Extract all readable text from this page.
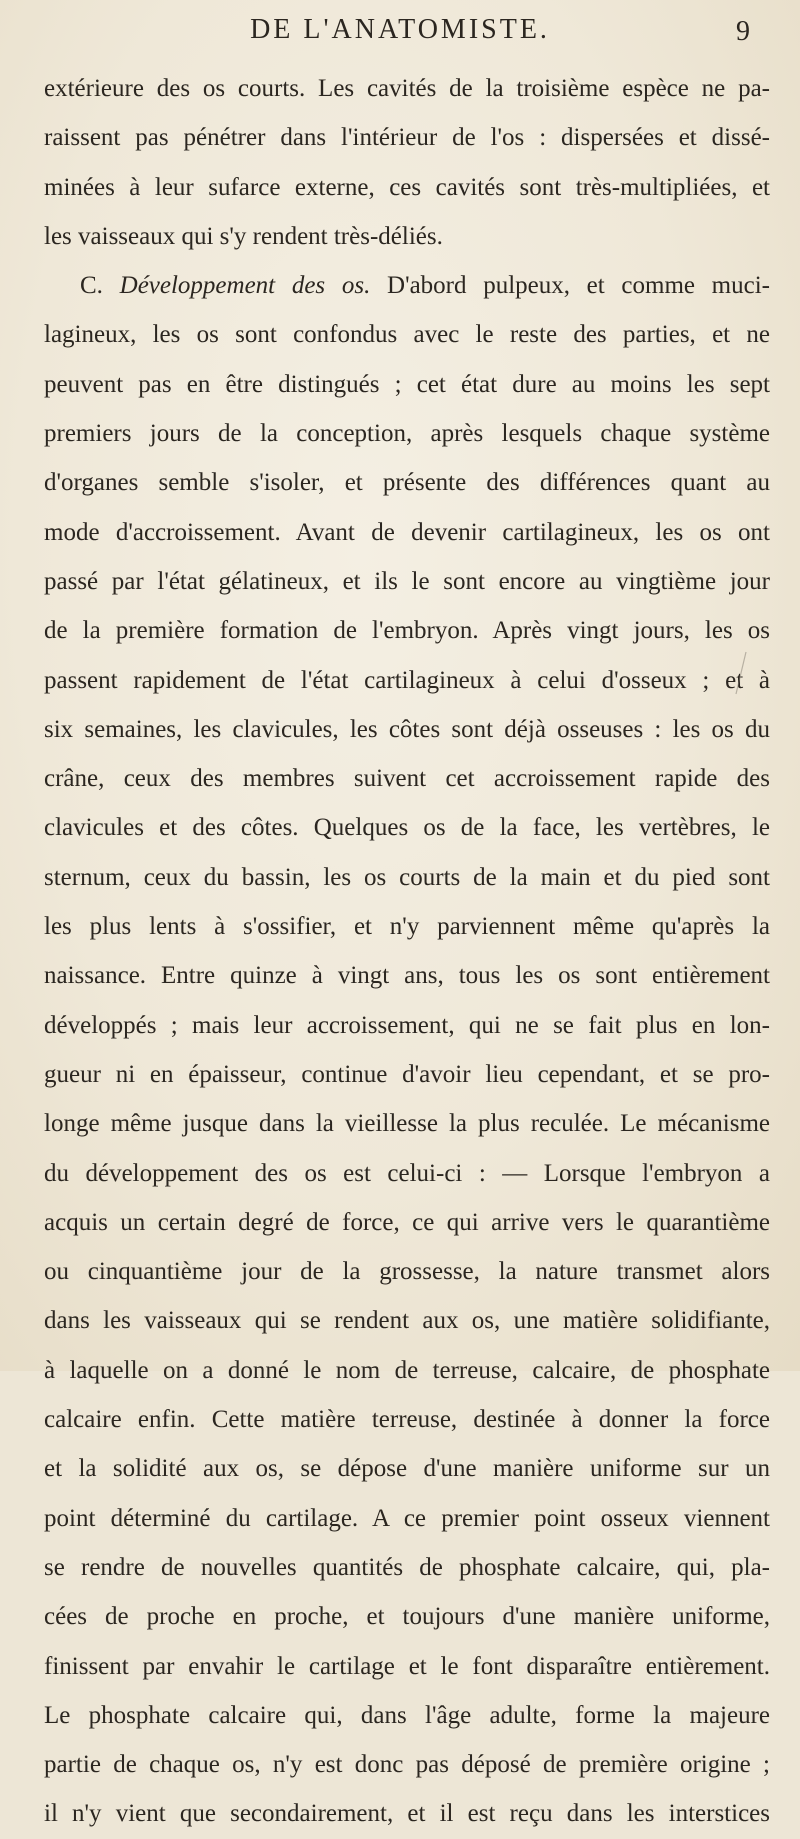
DE L'ANATOMISTE.	9
extérieure des os courts. Les cavités de la troisième espèce ne pa-
raissent pas pénétrer dans l'intérieur de l'os : dispersées et dissé-
minées à leur sufarce externe, ces cavités sont très-multipliées, et
les vaisseaux qui s'y rendent très-déliés.
C. Développement des os. D'abord pulpeux, et comme muci-
lagineux, les os sont confondus avec le reste des parties, et ne
peuvent pas en être distingués ; cet état dure au moins les sept
premiers jours de la conception, après lesquels chaque système
d'organes semble s'isoler, et présente des différences quant au
mode d'accroissement. Avant de devenir cartilagineux, les os ont
passé par l'état gélatineux, et ils le sont encore au vingtième jour
de la première formation de l'embryon. Après vingt jours, les os
passent rapidement de l'état cartilagineux à celui d'osseux ; et à
six semaines, les clavicules, les côtes sont déjà osseuses : les os du
crâne, ceux des membres suivent cet accroissement rapide des
clavicules et des côtes. Quelques os de la face, les vertèbres, le
sternum, ceux du bassin, les os courts de la main et du pied sont
les plus lents à s'ossifier, et n'y parviennent même qu'après la
naissance. Entre quinze à vingt ans, tous les os sont entièrement
développés ; mais leur accroissement, qui ne se fait plus en lon-
gueur ni en épaisseur, continue d'avoir lieu cependant, et se pro-
longe même jusque dans la vieillesse la plus reculée. Le mécanisme
du développement des os est celui-ci : — Lorsque l'embryon a
acquis un certain degré de force, ce qui arrive vers le quarantième
ou cinquantième jour de la grossesse, la nature transmet alors
dans les vaisseaux qui se rendent aux os, une matière solidifiante,
à laquelle on a donné le nom de terreuse, calcaire, de phosphate
calcaire enfin. Cette matière terreuse, destinée à donner la force
et la solidité aux os, se dépose d'une manière uniforme sur un
point déterminé du cartilage. A ce premier point osseux viennent
se rendre de nouvelles quantités de phosphate calcaire, qui, pla-
cées de proche en proche, et toujours d'une manière uniforme,
finissent par envahir le cartilage et le font disparaître entièrement.
Le phosphate calcaire qui, dans l'âge adulte, forme la majeure
partie de chaque os, n'y est donc pas déposé de première origine ;
il n'y vient que secondairement, et il est reçu dans les interstices
